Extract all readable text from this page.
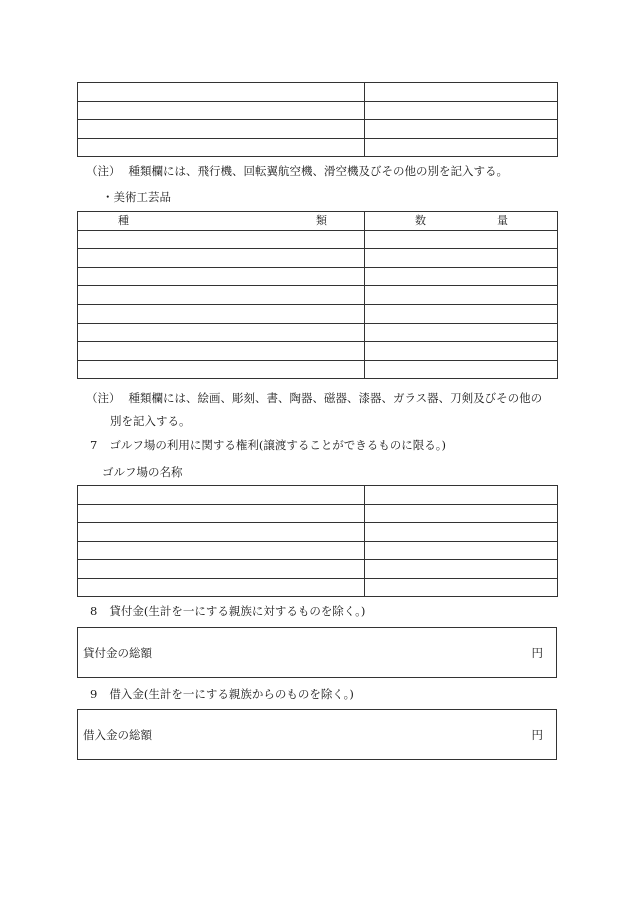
（注） 種類欄には、飛行機、回転翼航空機、滑空機及びその他の別を記入する。
・美術工芸品
種 類	数 量

（注） 種類欄には、絵画、彫刻、書、陶器、磁器、漆器、ガラス器、刀剣及びその他の
別を記入する。
7 ゴルフ場の利用に関する権利(譲渡することができるものに限る。)
ゴルフ場の名称

8 貸付金(生計を一にする親族に対するものを除く。)
貸付金の総額	円
9 借入金(生計を一にする親族からのものを除く。)
借入金の総額	円
